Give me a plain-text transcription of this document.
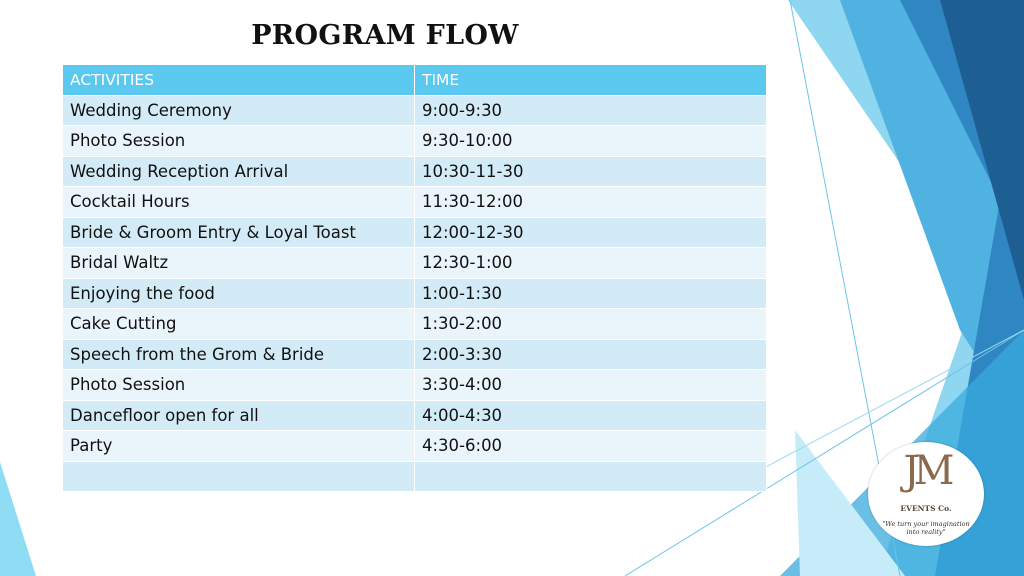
PROGRAM FLOW
ACTIVITIES	TIME
Wedding Ceremony	9:00-9:30
Photo Session	9:30-10:00
Wedding Reception Arrival	10:30-11-30
Cocktail Hours	11:30-12:00
Bride & Groom Entry & Loyal Toast	12:00-12-30
Bridal Waltz	12:30-1:00
Enjoying the food	1:00-1:30
Cake Cutting	1:30-2:00
Speech from the Grom & Bride	2:00-3:30
Photo Session	3:30-4:00
Dancefloor open for all	4:00-4:30
Party	4:30-6:00

JM
EVENTS Co.
"We turn your imagination into reality"
